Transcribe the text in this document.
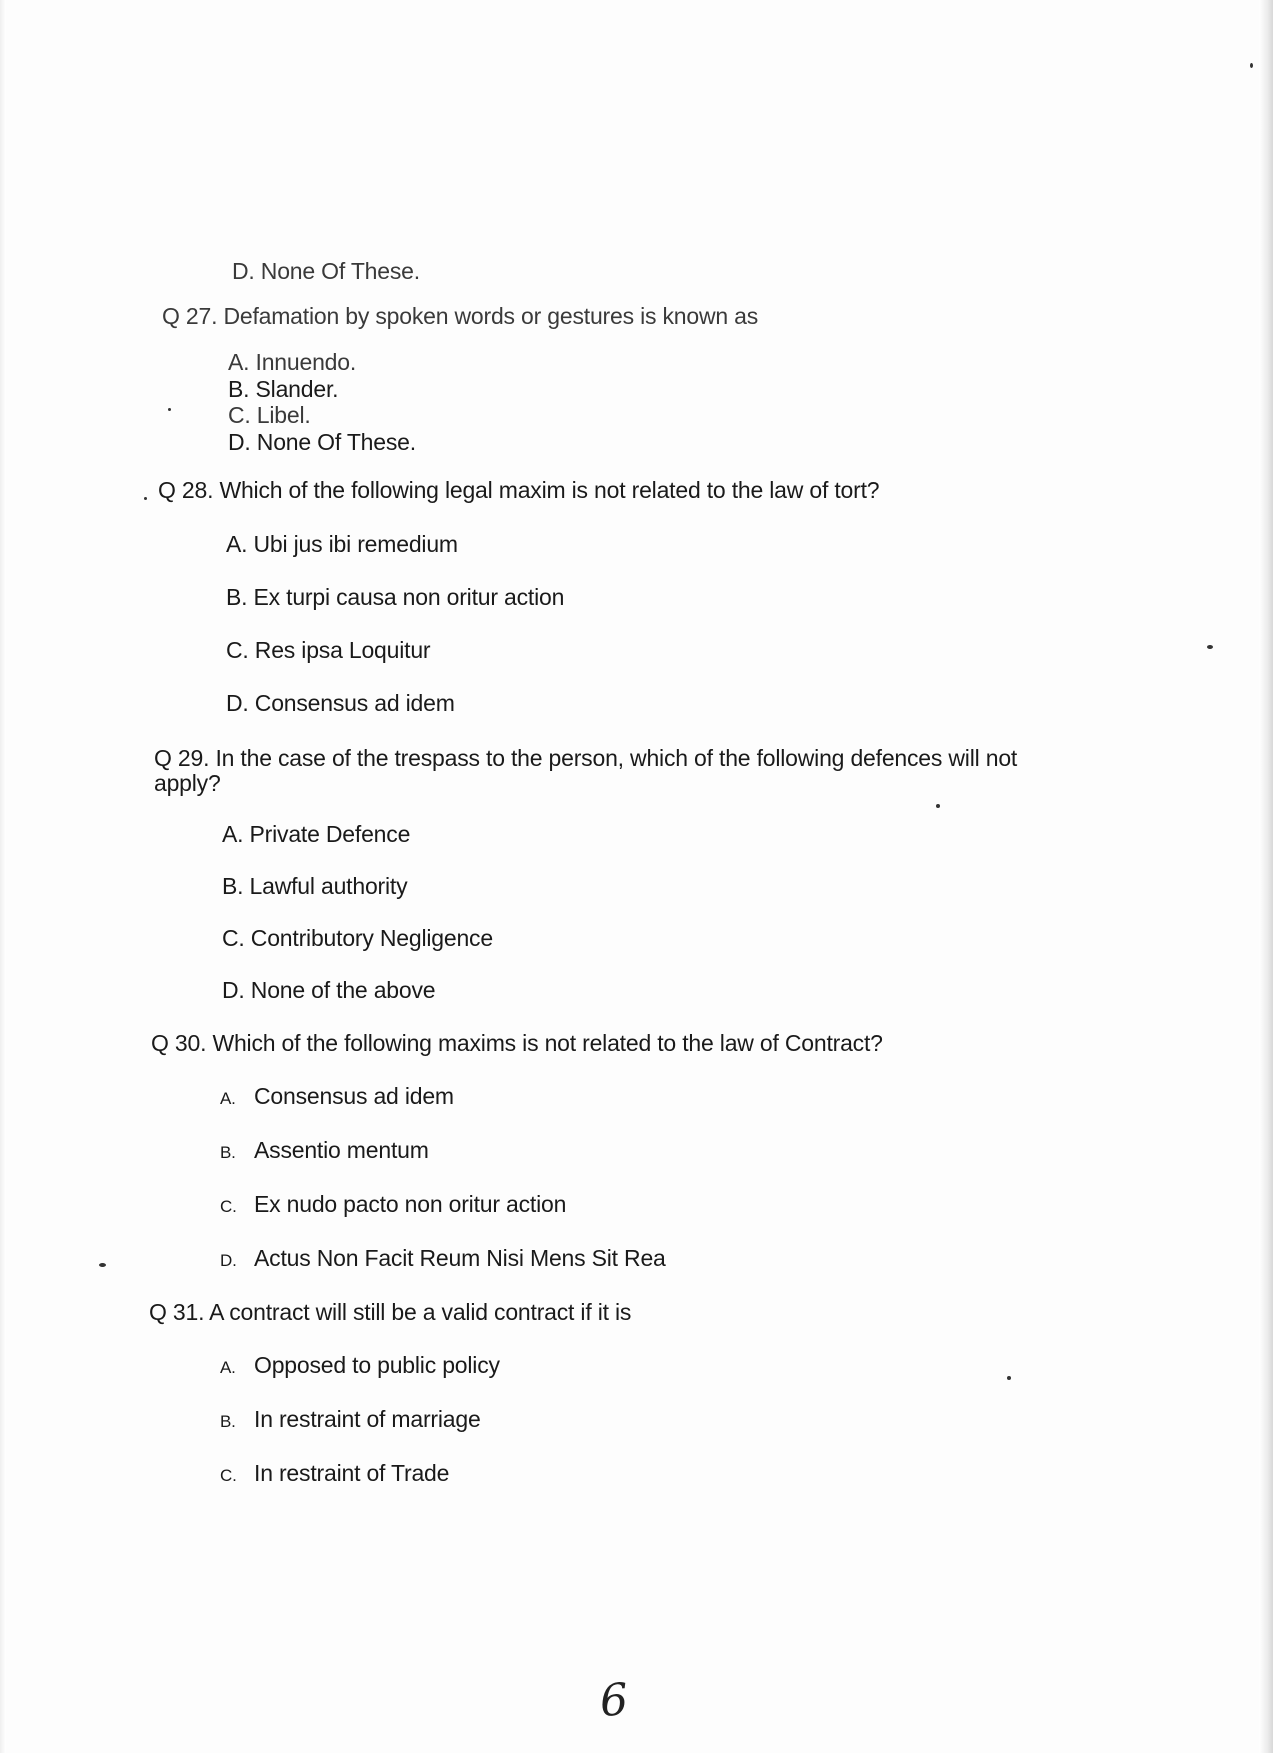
D. None Of These.
Q 27. Defamation by spoken words or gestures is known as
A. Innuendo.
B. Slander.
C. Libel.
D. None Of These.
Q 28. Which of the following legal maxim is not related to the law of tort?
A. Ubi jus ibi remedium
B. Ex turpi causa non oritur action
C. Res ipsa Loquitur
D. Consensus ad idem
Q 29. In the case of the trespass to the person, which of the following defences will not
apply?
A. Private Defence
B. Lawful authority
C. Contributory Negligence
D. None of the above
Q 30. Which of the following maxims is not related to the law of Contract?
A. Consensus ad idem
B. Assentio mentum
C. Ex nudo pacto non oritur action
D. Actus Non Facit Reum Nisi Mens Sit Rea
Q 31. A contract will still be a valid contract if it is
A. Opposed to public policy
B. In restraint of marriage
C. In restraint of Trade
6
